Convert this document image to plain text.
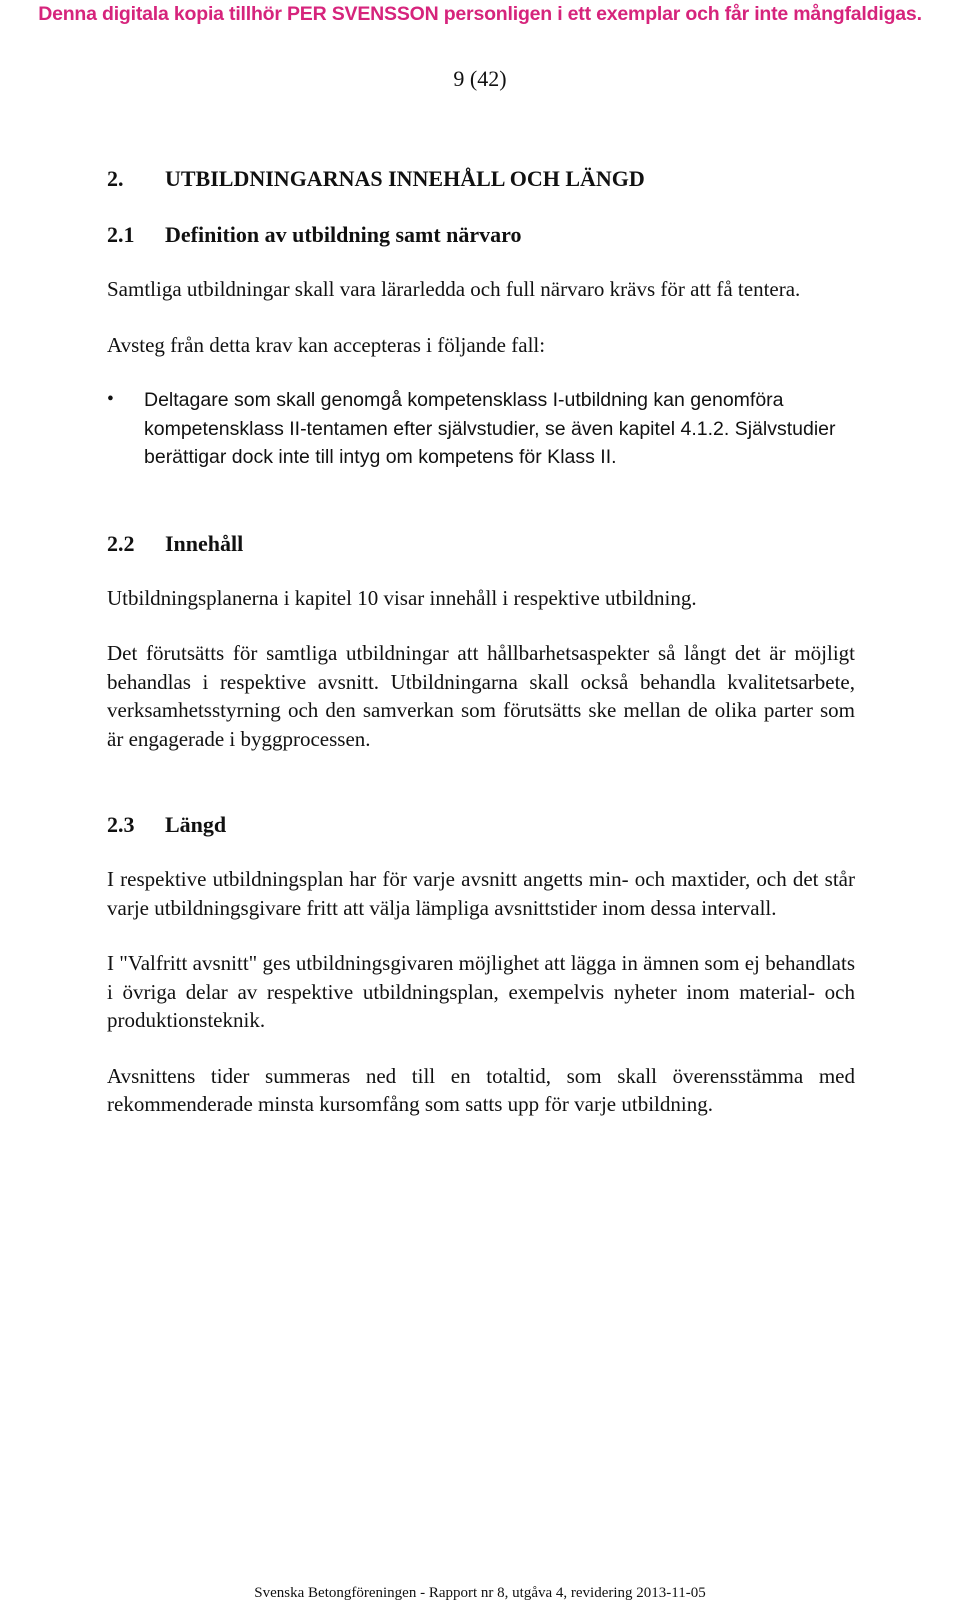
Denna digitala kopia tillhör PER SVENSSON personligen i ett exemplar och får inte mångfaldigas.
9 (42)
2.	UTBILDNINGARNAS INNEHÅLL OCH LÄNGD
2.1	Definition av utbildning samt närvaro

Samtliga utbildningar skall vara lärarledda och full närvaro krävs för att få tentera.

Avsteg från detta krav kan accepteras i följande fall:

•	Deltagare som skall genomgå kompetensklass I-utbildning kan genomföra kompetensklass II-tentamen efter självstudier, se även kapitel 4.1.2. Självstudier berättigar dock inte till intyg om kompetens för Klass II.
2.2	Innehåll

Utbildningsplanerna i kapitel 10 visar innehåll i respektive utbildning.

Det förutsätts för samtliga utbildningar att hållbarhetsaspekter så långt det är möjligt behandlas i respektive avsnitt. Utbildningarna skall också behandla kvalitetsarbete, verksamhetsstyrning och den samverkan som förutsätts ske mellan de olika parter som är engagerade i byggprocessen.

2.3	Längd

I respektive utbildningsplan har för varje avsnitt angetts min- och maxtider, och det står varje utbildningsgivare fritt att välja lämpliga avsnittstider inom dessa intervall.

I "Valfritt avsnitt" ges utbildningsgivaren möjlighet att lägga in ämnen som ej behandlats i övriga delar av respektive utbildningsplan, exempelvis nyheter inom material- och produktionsteknik.

Avsnittens tider summeras ned till en totaltid, som skall överensstämma med rekommenderade minsta kursomfång som satts upp för varje utbildning.

Svenska Betongföreningen - Rapport nr 8, utgåva 4, revidering 2013-11-05
